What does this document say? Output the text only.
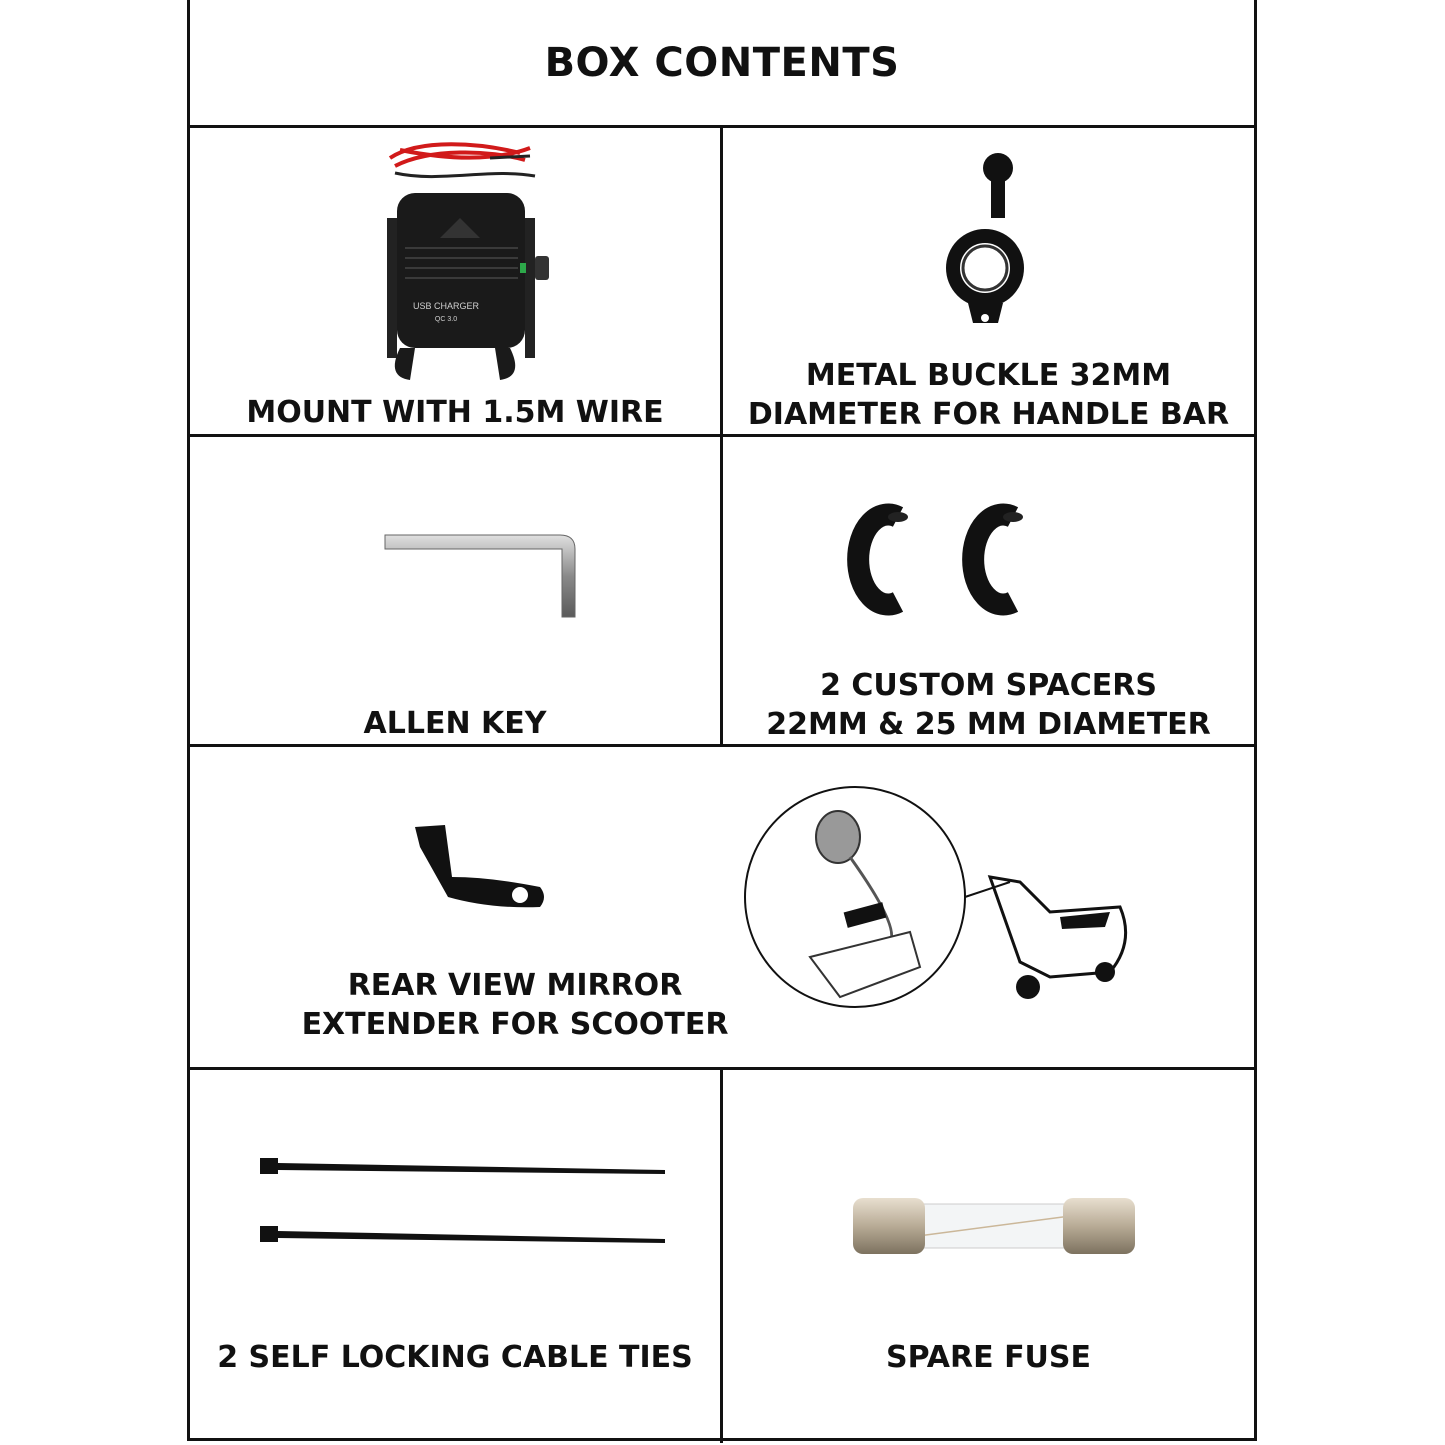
BOX CONTENTS
USB CHARGER
QC 3.0
MOUNT WITH 1.5M WIRE
METAL BUCKLE 32MM
DIAMETER FOR HANDLE BAR
ALLEN KEY
2 CUSTOM SPACERS
22MM & 25 MM DIAMETER
REAR VIEW MIRROR
EXTENDER FOR SCOOTER
2 SELF LOCKING CABLE TIES	SPARE FUSE
